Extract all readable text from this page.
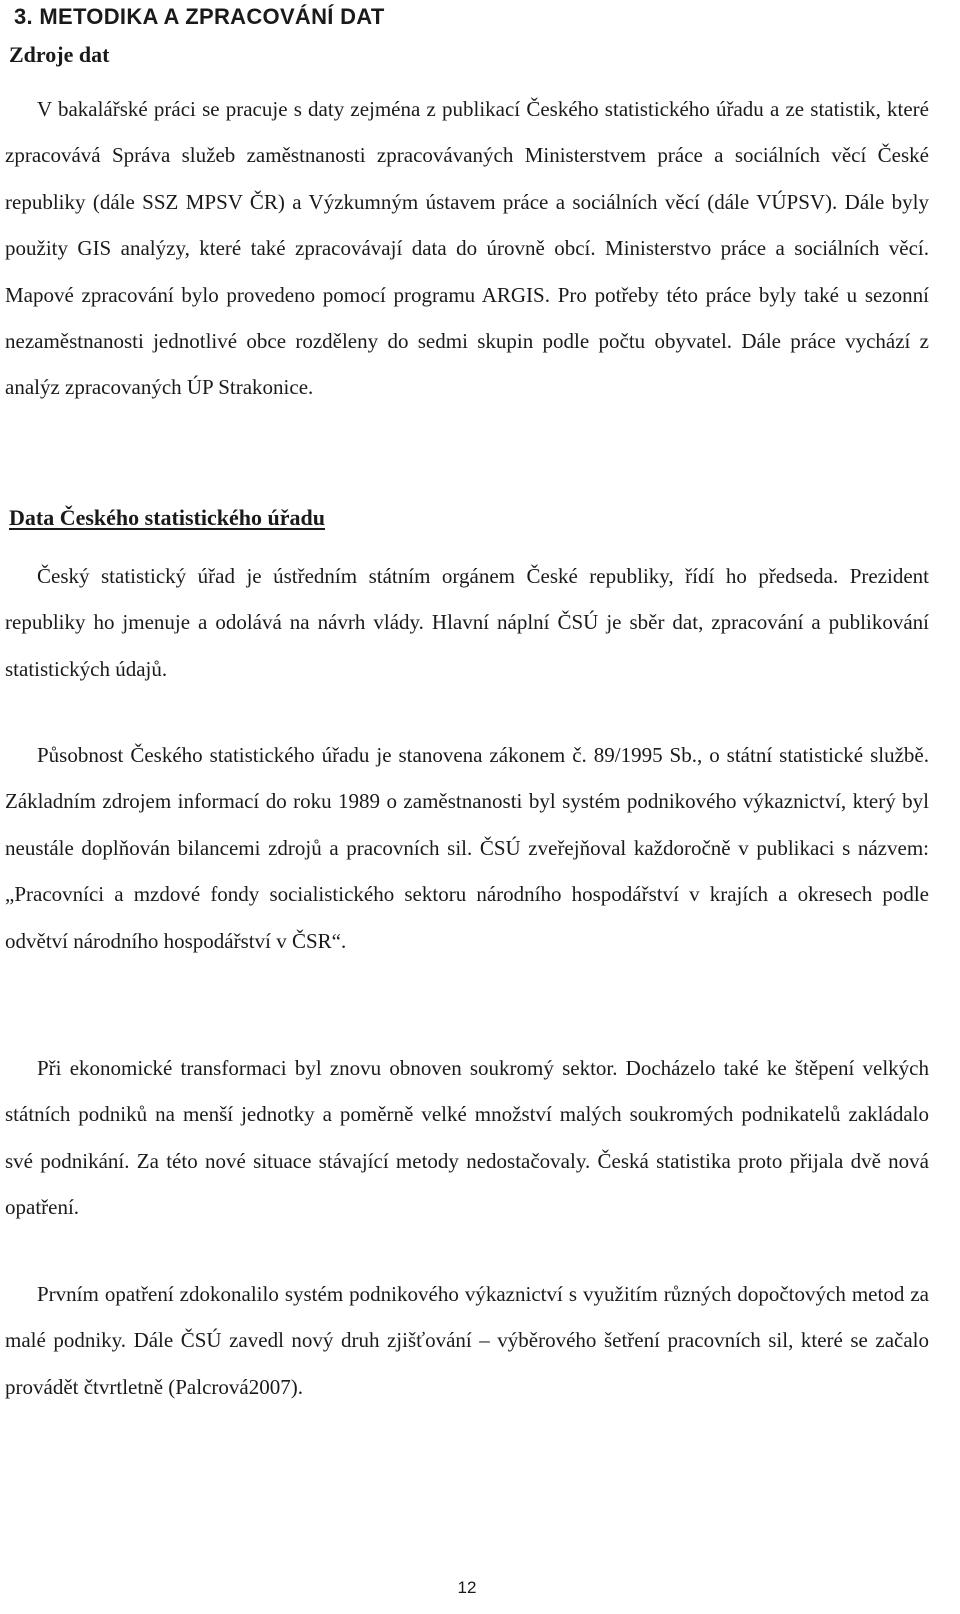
3. METODIKA A ZPRACOVÁNÍ DAT
Zdroje dat

V bakalářské práci se pracuje s daty zejména z publikací Českého statistického úřadu a ze statistik, které zpracovává Správa služeb zaměstnanosti zpracovávaných Ministerstvem práce a sociálních věcí České republiky (dále SSZ MPSV ČR) a Výzkumným ústavem práce a sociálních věcí (dále VÚPSV). Dále byly použity GIS analýzy, které také zpracovávají data do úrovně obcí. Ministerstvo práce a sociálních věcí. Mapové zpracování bylo provedeno pomocí programu ARGIS. Pro potřeby této práce byly také u sezonní nezaměstnanosti jednotlivé obce rozděleny do sedmi skupin podle počtu obyvatel. Dále práce vychází z analýz zpracovaných ÚP Strakonice.

Data Českého statistického úřadu

Český statistický úřad je ústředním státním orgánem České republiky, řídí ho předseda. Prezident republiky ho jmenuje a odolává na návrh vlády. Hlavní náplní ČSÚ je sběr dat, zpracování a publikování statistických údajů.

Působnost Českého statistického úřadu je stanovena zákonem č. 89/1995 Sb., o státní statistické službě. Základním zdrojem informací do roku 1989 o zaměstnanosti byl systém podnikového výkaznictví, který byl neustále doplňován bilancemi zdrojů a pracovních sil. ČSÚ zveřejňoval každoročně v publikaci s názvem: „Pracovníci a mzdové fondy socialistického sektoru národního hospodářství v krajích a okresech podle odvětví národního hospodářství v ČSR“.

Při ekonomické transformaci byl znovu obnoven soukromý sektor. Docházelo také ke štěpení velkých státních podniků na menší jednotky a poměrně velké množství malých soukromých podnikatelů zakládalo své podnikání. Za této nové situace stávající metody nedostačovaly. Česká statistika proto přijala dvě nová opatření.

Prvním opatření zdokonalilo systém podnikového výkaznictví s využitím různých dopočtových metod za malé podniky. Dále ČSÚ zavedl nový druh zjišťování – výběrového šetření pracovních sil, které se začalo provádět čtvrtletně (Palcrová2007).

12
